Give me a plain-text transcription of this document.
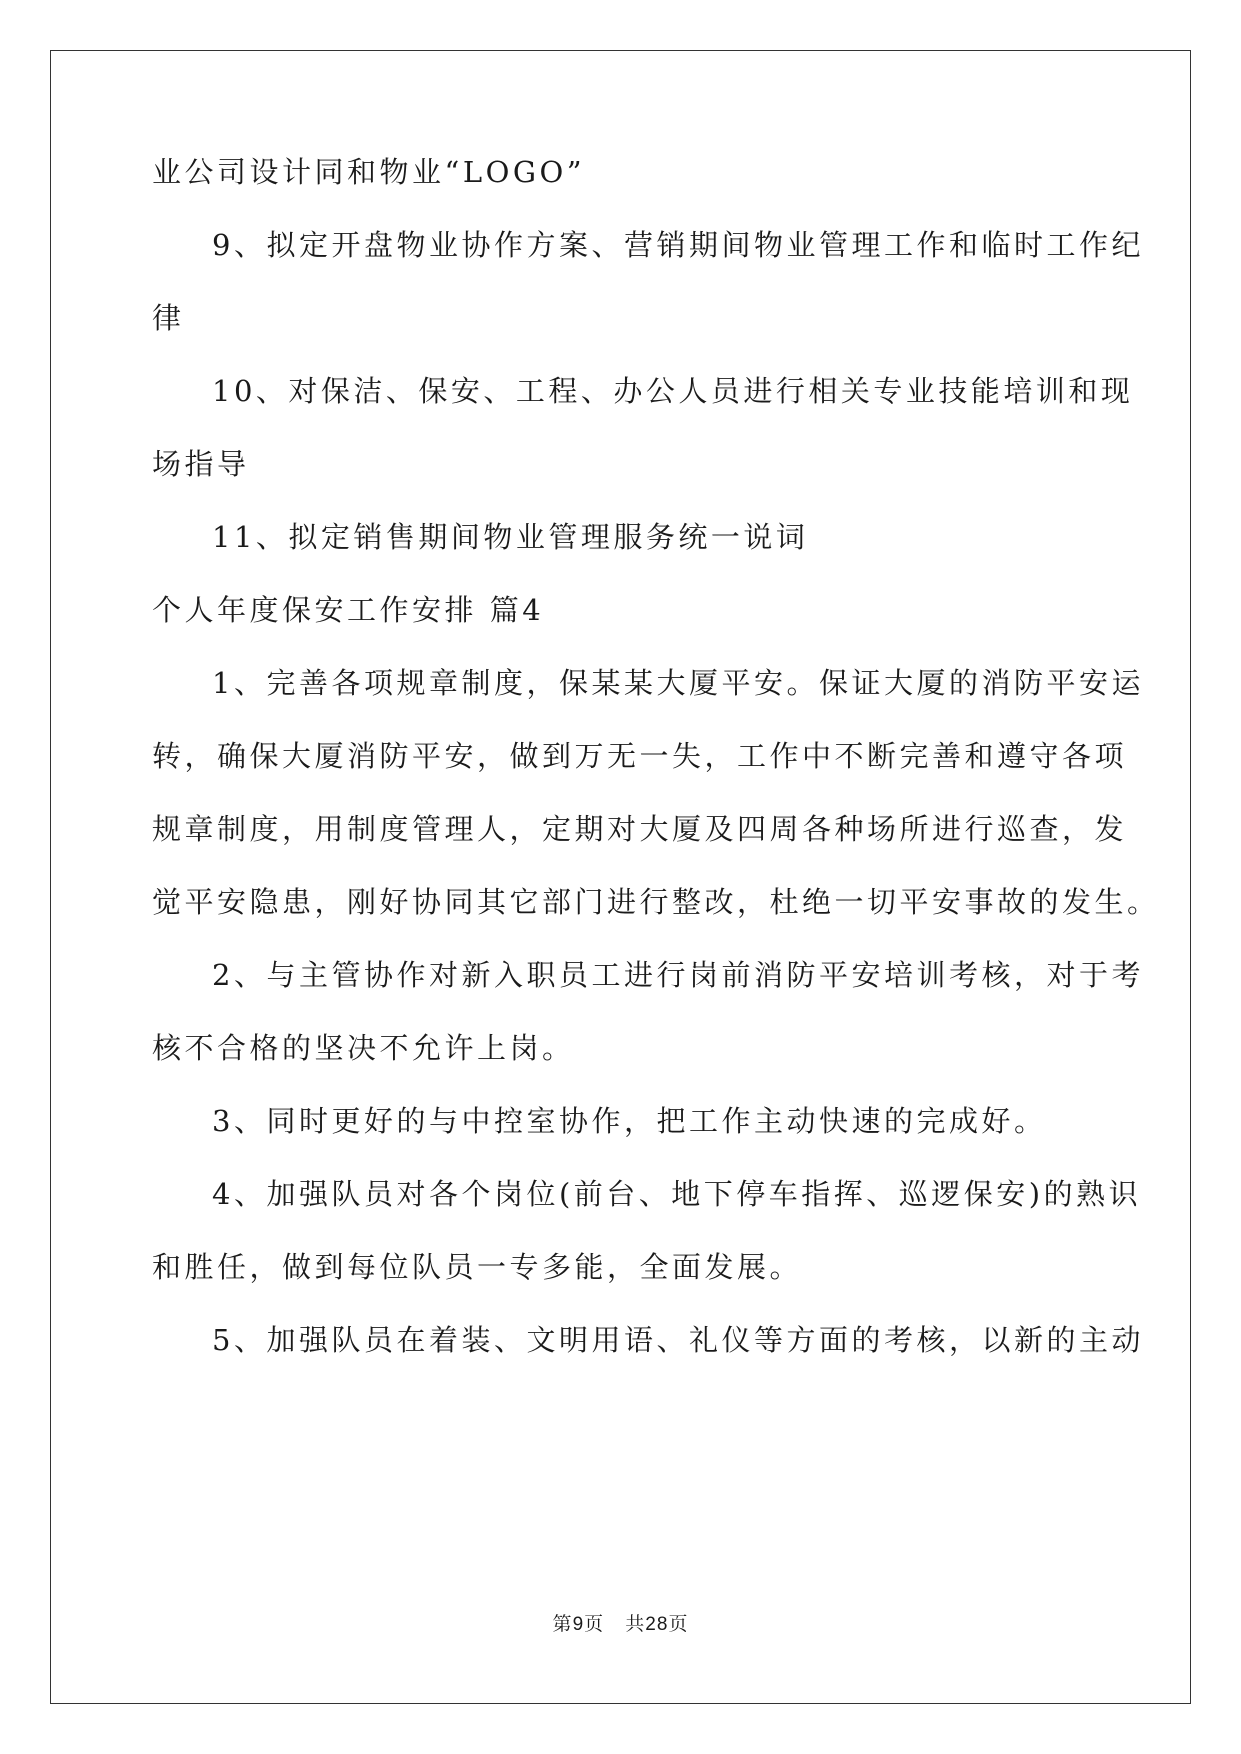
业公司设计同和物业“LOGO”
9、拟定开盘物业协作方案、营销期间物业管理工作和临时工作纪
律
10、对保洁、保安、工程、办公人员进行相关专业技能培训和现
场指导
11、拟定销售期间物业管理服务统一说词
个人年度保安工作安排 篇4
1、完善各项规章制度，保某某大厦平安。保证大厦的消防平安运
转，确保大厦消防平安，做到万无一失，工作中不断完善和遵守各项
规章制度，用制度管理人，定期对大厦及四周各种场所进行巡查，发
觉平安隐患，刚好协同其它部门进行整改，杜绝一切平安事故的发生。
2、与主管协作对新入职员工进行岗前消防平安培训考核，对于考
核不合格的坚决不允许上岗。
3、同时更好的与中控室协作，把工作主动快速的完成好。
4、加强队员对各个岗位(前台、地下停车指挥、巡逻保安)的熟识
和胜任，做到每位队员一专多能，全面发展。
5、加强队员在着装、文明用语、礼仪等方面的考核，以新的主动
第9页 共28页
